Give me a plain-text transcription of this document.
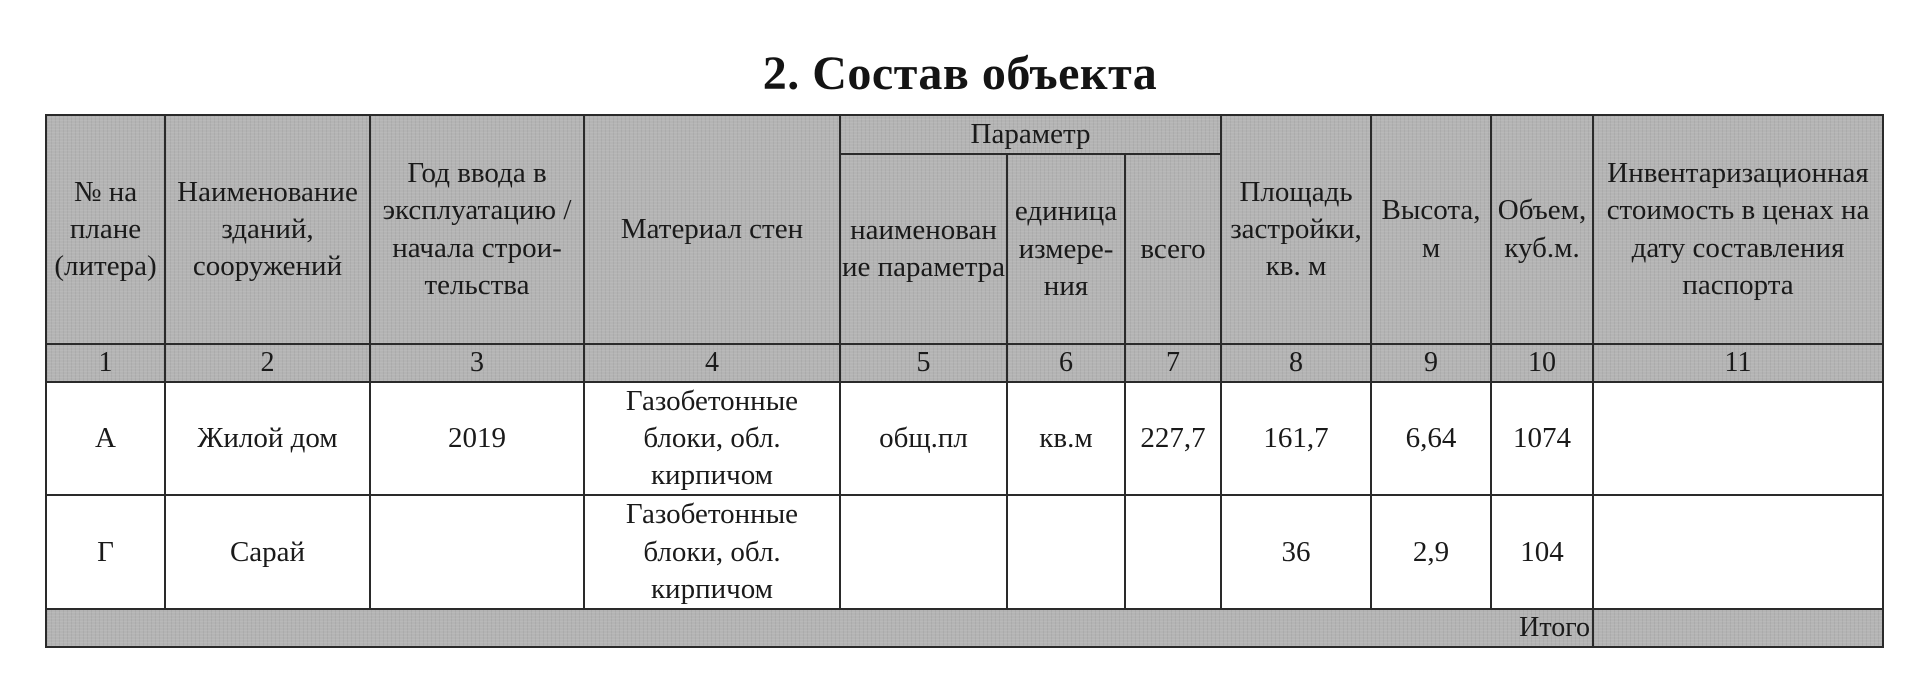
2. Состав объекта
№ на плане (литера)	Наименование зданий, сооружений	Год ввода в эксплуатацию /начала строи-тельства	Материал стен	Параметр			Площадь застройки, кв. м	Высота, м	Объем, куб.м.	Инвентаризационная стоимость в ценах на дату составления паспорта
				наименован ие параметра	единица измере-ния	всего				
1	2	3	4	5	6	7	8	9	10	11
А	Жилой дом	2019	Газобетонные блоки, обл. кирпичом	общ.пл	кв.м	227,7	161,7	6,64	1074	
Г	Сарай		Газобетонные блоки, обл. кирпичом				36	2,9	104	
Итого										
